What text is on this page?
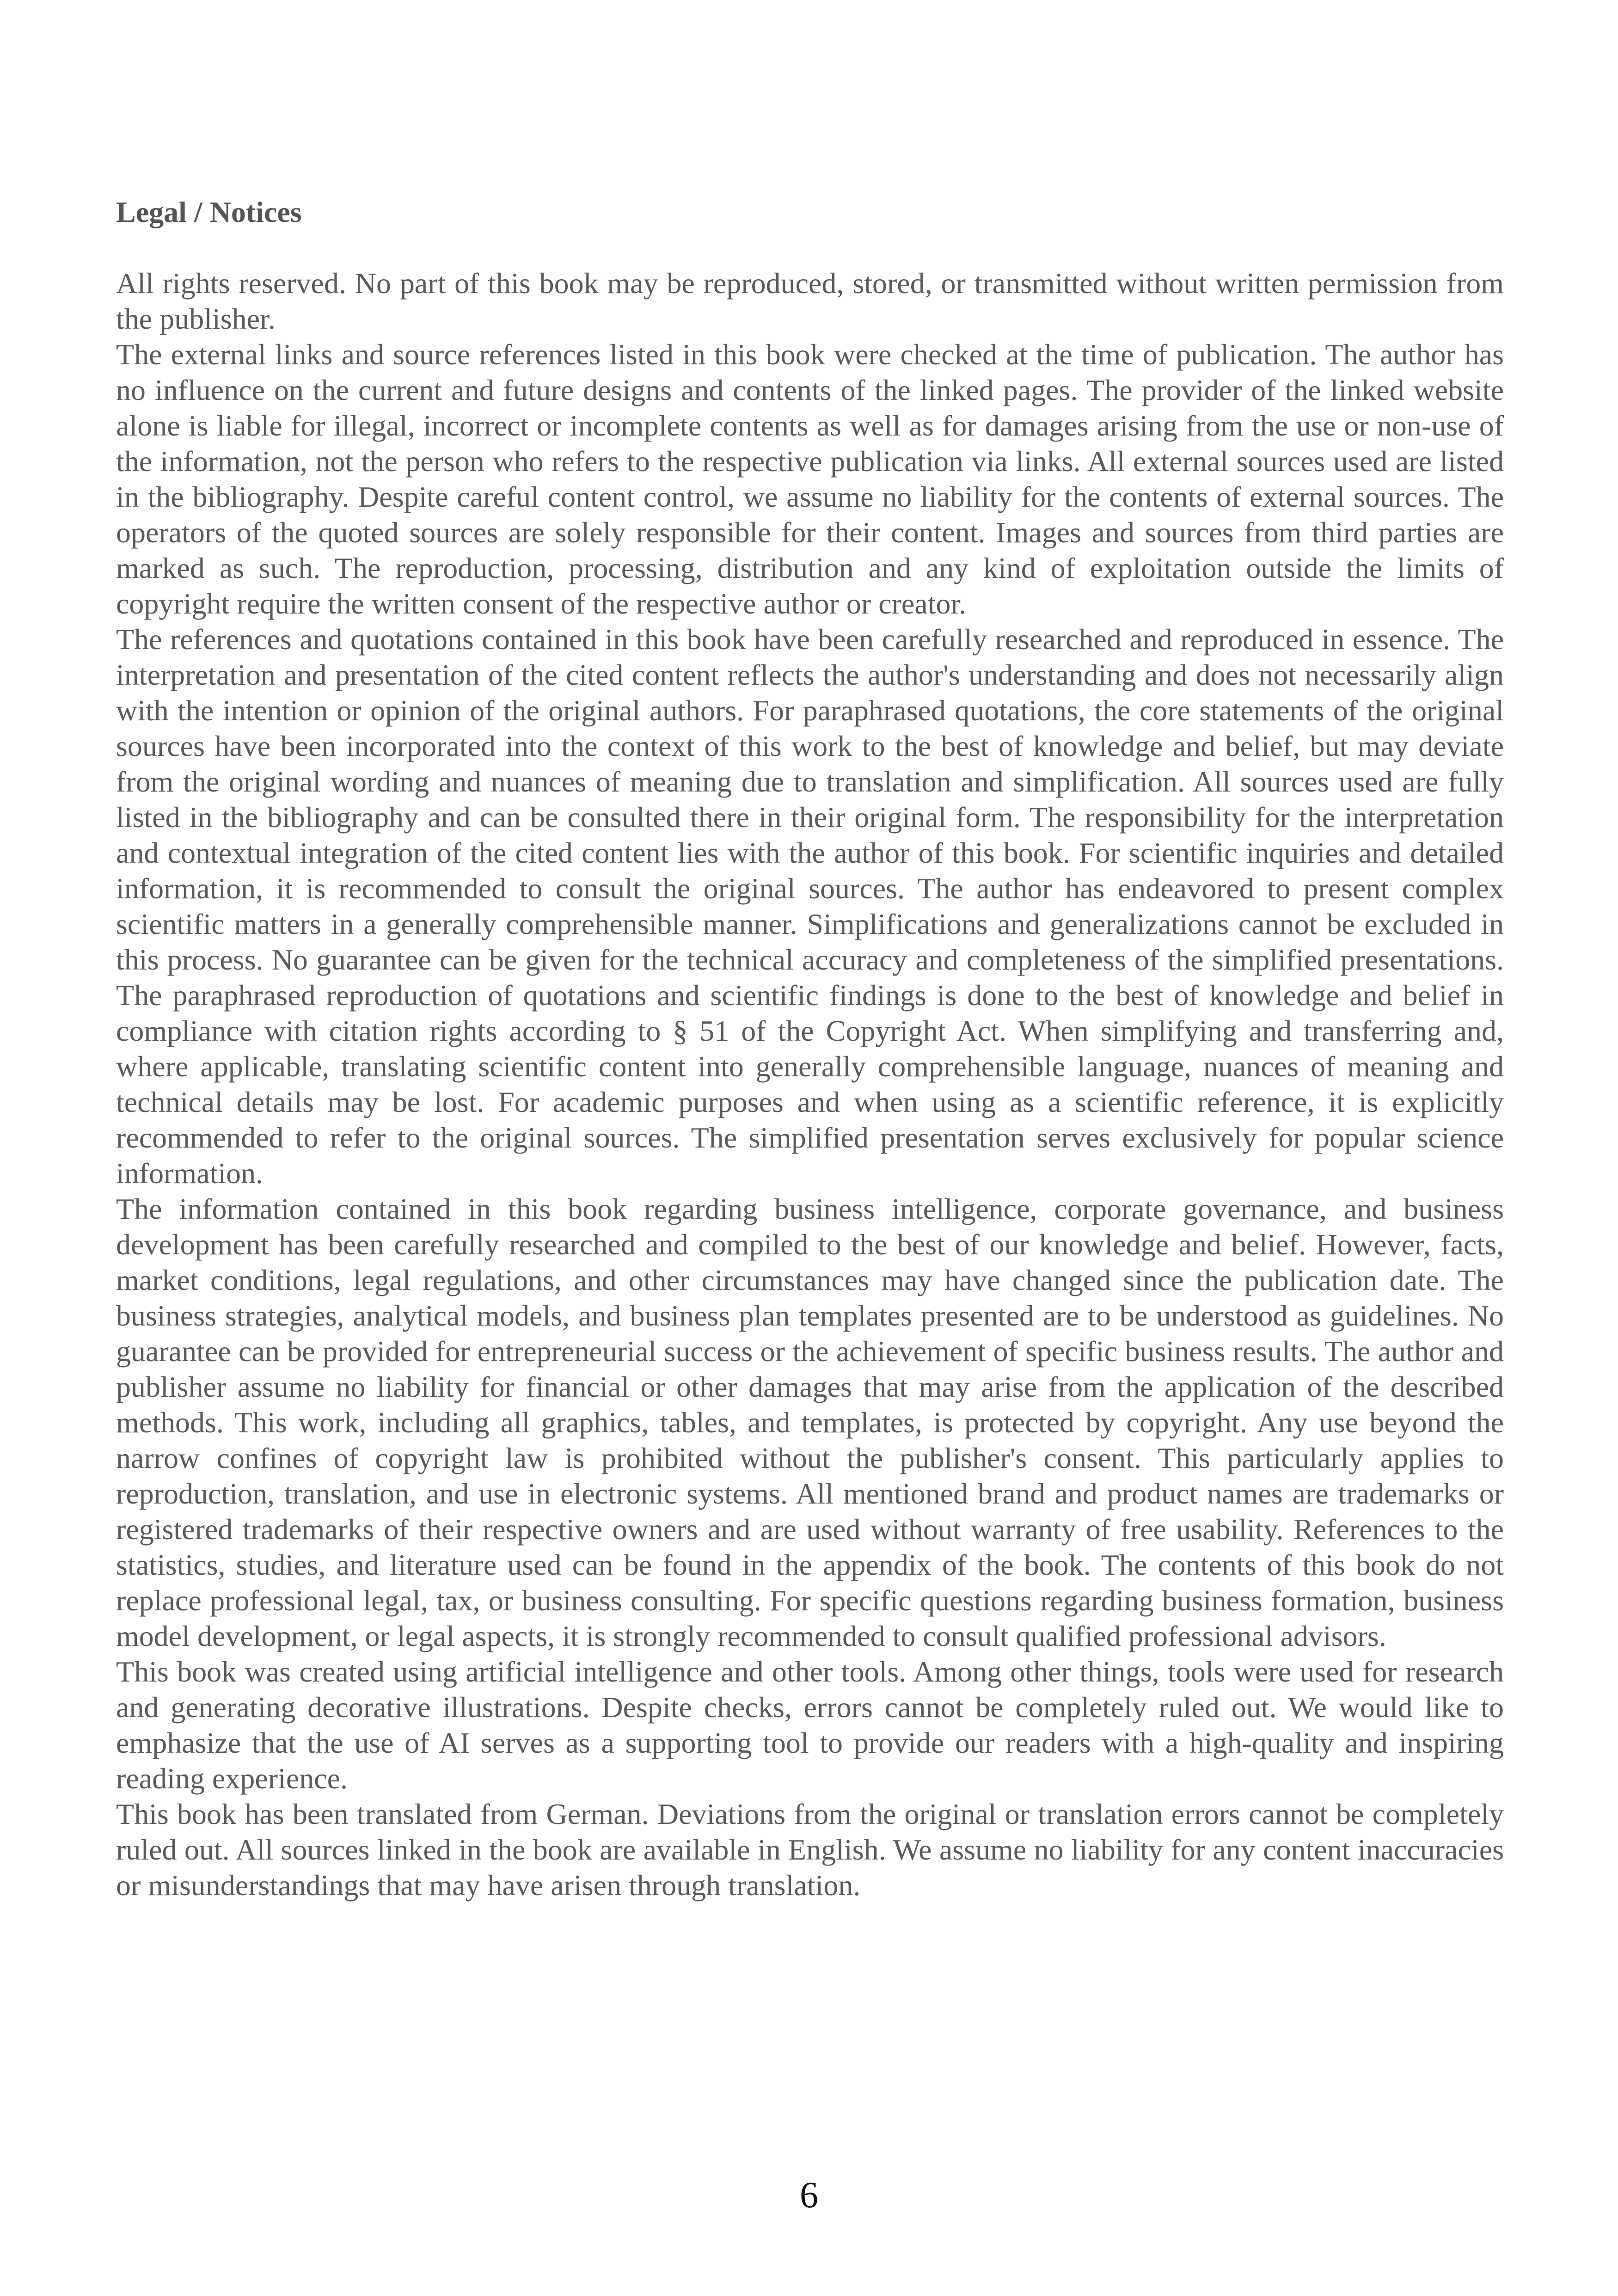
Legal / Notices

All rights reserved. No part of this book may be reproduced, stored, or transmitted without written permission from the publisher.

The external links and source references listed in this book were checked at the time of publication. The author has no influence on the current and future designs and contents of the linked pages. The provider of the linked website alone is liable for illegal, incorrect or incomplete contents as well as for damages arising from the use or non-use of the information, not the person who refers to the respective publication via links. All external sources used are listed in the bibliography. Despite careful content control, we assume no liability for the contents of external sources. The operators of the quoted sources are solely responsible for their content. Images and sources from third parties are marked as such. The reproduction, processing, distribution and any kind of exploitation outside the limits of copyright require the written consent of the respective author or creator.

The references and quotations contained in this book have been carefully researched and reproduced in essence. The interpretation and presentation of the cited content reflects the author's understanding and does not necessarily align with the intention or opinion of the original authors. For paraphrased quotations, the core statements of the original sources have been incorporated into the context of this work to the best of knowledge and belief, but may deviate from the original wording and nuances of meaning due to translation and simplification. All sources used are fully listed in the bibliography and can be consulted there in their original form. The responsibility for the interpretation and contextual integration of the cited content lies with the author of this book. For scientific inquiries and detailed information, it is recommended to consult the original sources. The author has endeavored to present complex scientific matters in a generally comprehensible manner. Simplifications and generalizations cannot be excluded in this process. No guarantee can be given for the technical accuracy and completeness of the simplified presentations. The paraphrased reproduction of quotations and scientific findings is done to the best of knowledge and belief in compliance with citation rights according to § 51 of the Copyright Act. When simplifying and transferring and, where applicable, translating scientific content into generally comprehensible language, nuances of meaning and technical details may be lost. For academic purposes and when using as a scientific reference, it is explicitly recommended to refer to the original sources. The simplified presentation serves exclusively for popular science information.

The information contained in this book regarding business intelligence, corporate governance, and business development has been carefully researched and compiled to the best of our knowledge and belief. However, facts, market conditions, legal regulations, and other circumstances may have changed since the publication date. The business strategies, analytical models, and business plan templates presented are to be understood as guidelines. No guarantee can be provided for entrepreneurial success or the achievement of specific business results. The author and publisher assume no liability for financial or other damages that may arise from the application of the described methods. This work, including all graphics, tables, and templates, is protected by copyright. Any use beyond the narrow confines of copyright law is prohibited without the publisher's consent. This particularly applies to reproduction, translation, and use in electronic systems. All mentioned brand and product names are trademarks or registered trademarks of their respective owners and are used without warranty of free usability. References to the statistics, studies, and literature used can be found in the appendix of the book. The contents of this book do not replace professional legal, tax, or business consulting. For specific questions regarding business formation, business model development, or legal aspects, it is strongly recommended to consult qualified professional advisors.

This book was created using artificial intelligence and other tools. Among other things, tools were used for research and generating decorative illustrations. Despite checks, errors cannot be completely ruled out. We would like to emphasize that the use of AI serves as a supporting tool to provide our readers with a high-quality and inspiring reading experience.

This book has been translated from German. Deviations from the original or translation errors cannot be completely ruled out. All sources linked in the book are available in English. We assume no liability for any content inaccuracies or misunderstandings that may have arisen through translation.

6
